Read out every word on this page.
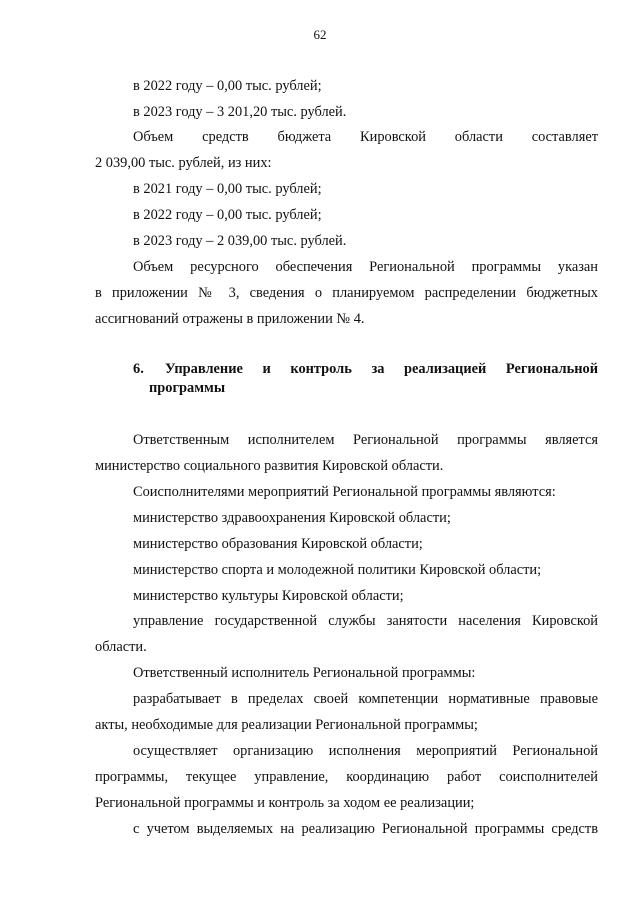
62
в 2022 году – 0,00 тыс. рублей;
в 2023 году – 3 201,20 тыс. рублей.
Объем средств бюджета Кировской области составляет
2 039,00 тыс. рублей, из них:
в 2021 году – 0,00 тыс. рублей;
в 2022 году – 0,00 тыс. рублей;
в 2023 году – 2 039,00 тыс. рублей.
Объем ресурсного обеспечения Региональной программы указан
в приложении № 3, сведения о планируемом распределении бюджетных
ассигнований отражены в приложении № 4.
6. Управление и контроль за реализацией Региональной
программы
Ответственным исполнителем Региональной программы является
министерство социального развития Кировской области.
Соисполнителями мероприятий Региональной программы являются:
министерство здравоохранения Кировской области;
министерство образования Кировской области;
министерство спорта и молодежной политики Кировской области;
министерство культуры Кировской области;
управление государственной службы занятости населения Кировской
области.
Ответственный исполнитель Региональной программы:
разрабатывает в пределах своей компетенции нормативные правовые
акты, необходимые для реализации Региональной программы;
осуществляет организацию исполнения мероприятий Региональной
программы, текущее управление, координацию работ соисполнителей
Региональной программы и контроль за ходом ее реализации;
с учетом выделяемых на реализацию Региональной программы средств
